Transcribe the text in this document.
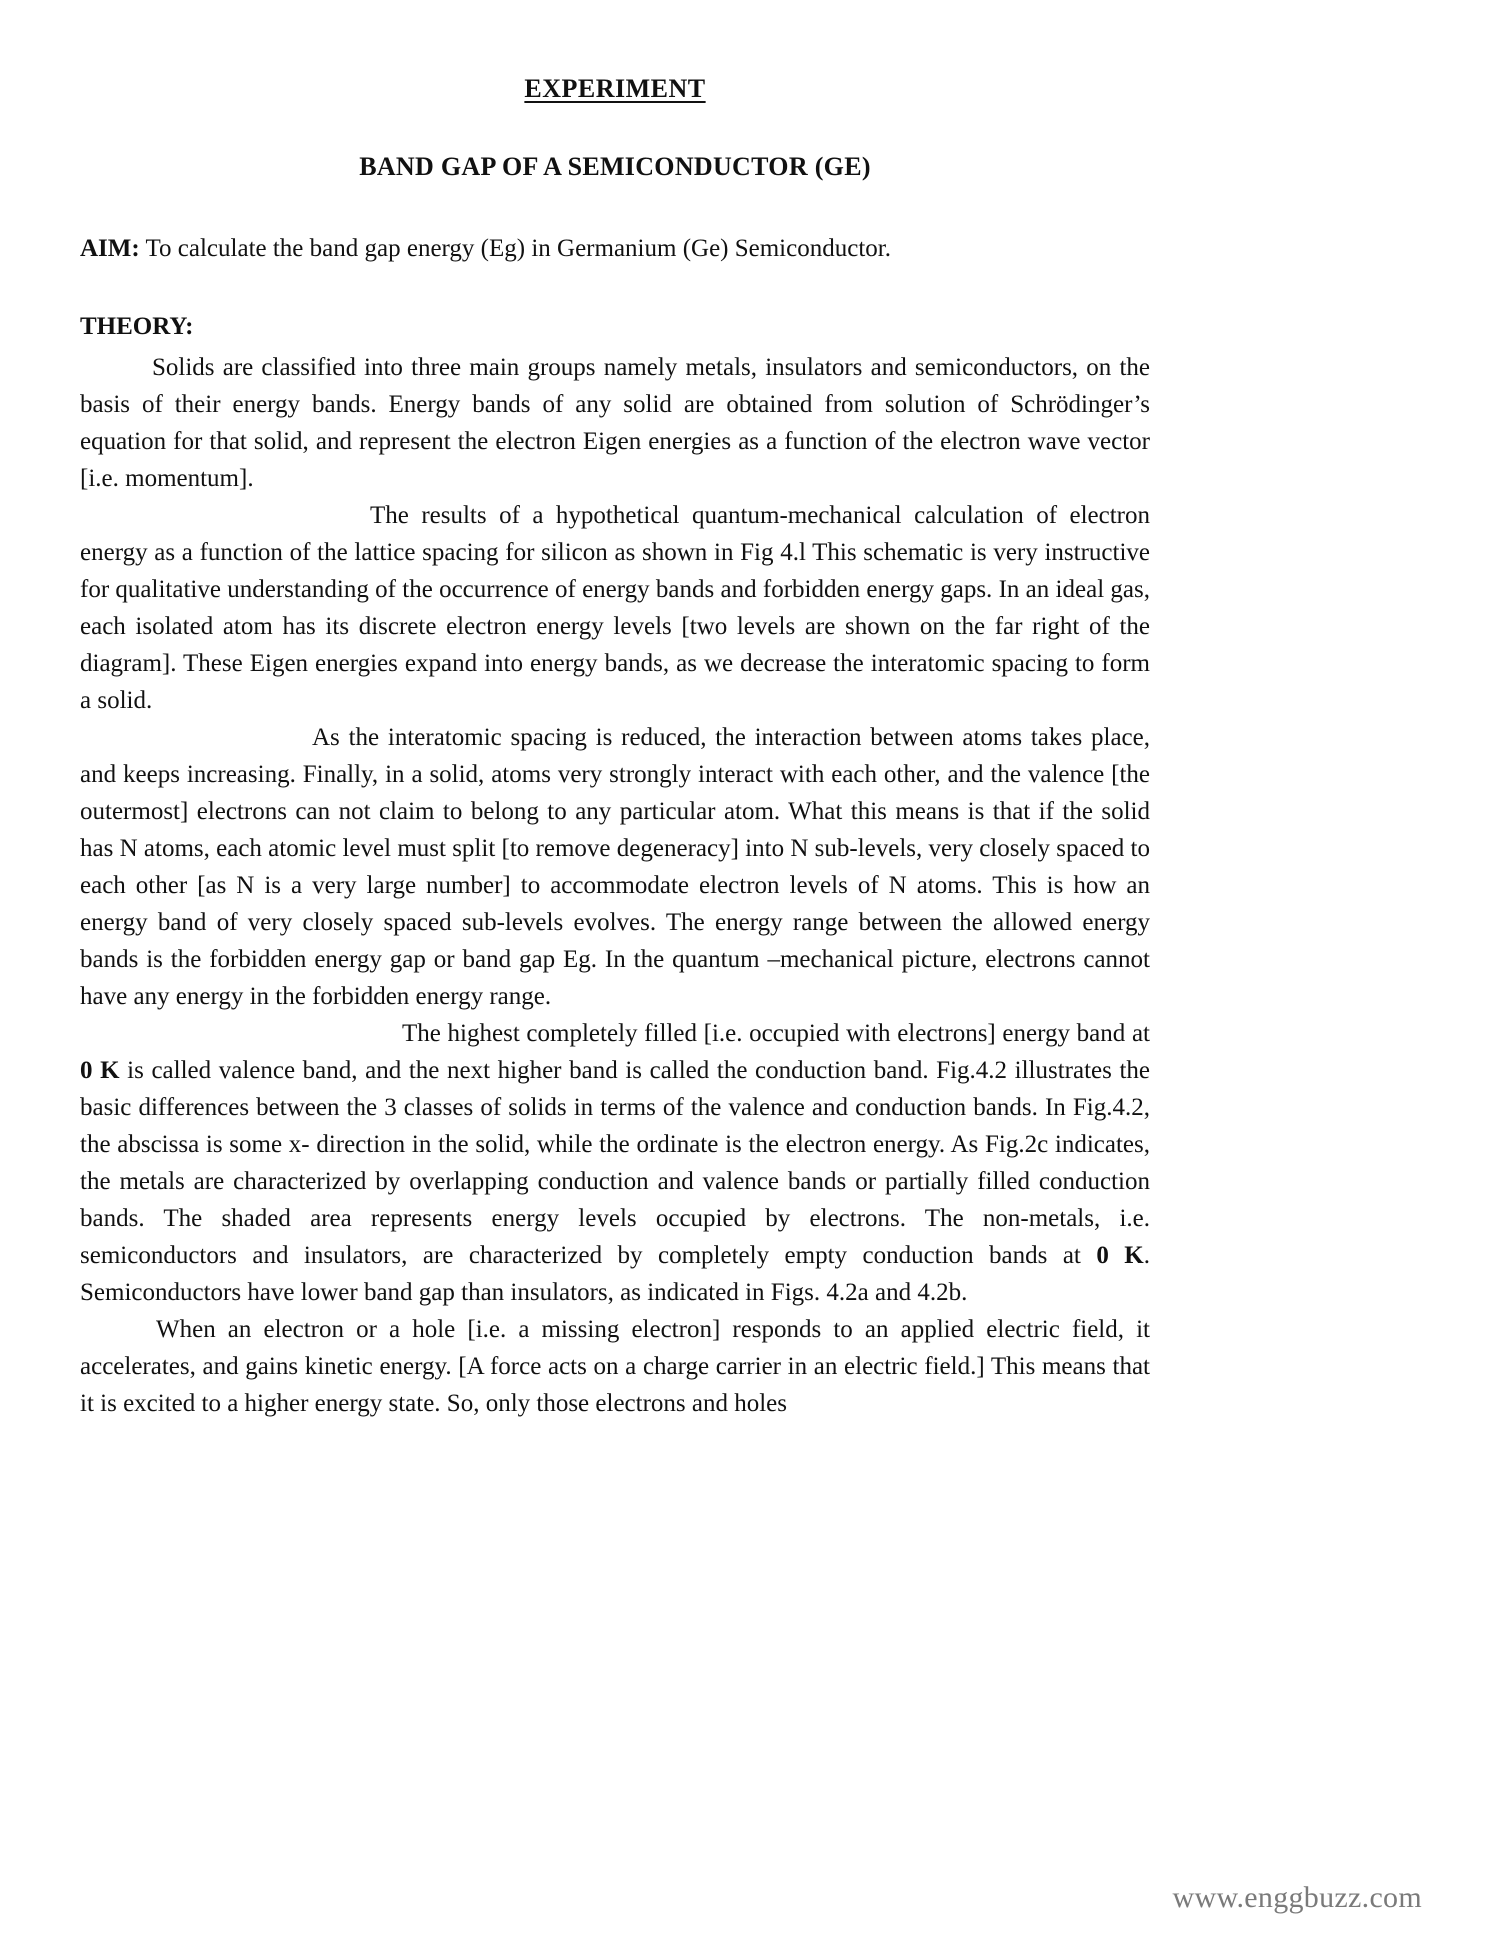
EXPERIMENT
BAND GAP OF A SEMICONDUCTOR (GE)
AIM: To calculate the band gap energy (Eg) in Germanium (Ge) Semiconductor.
THEORY:

Solids are classified into three main groups namely metals, insulators and semiconductors, on the basis of their energy bands. Energy bands of any solid are obtained from solution of Schrödinger’s equation for that solid, and represent the electron Eigen energies as a function of the electron wave vector [i.e. momentum].

The results of a hypothetical quantum-mechanical calculation of electron energy as a function of the lattice spacing for silicon as shown in Fig 4.l This schematic is very instructive for qualitative understanding of the occurrence of energy bands and forbidden energy gaps. In an ideal gas, each isolated atom has its discrete electron energy levels [two levels are shown on the far right of the diagram]. These Eigen energies expand into energy bands, as we decrease the interatomic spacing to form a solid.

As the interatomic spacing is reduced, the interaction between atoms takes place, and keeps increasing. Finally, in a solid, atoms very strongly interact with each other, and the valence [the outermost] electrons can not claim to belong to any particular atom. What this means is that if the solid has N atoms, each atomic level must split [to remove degeneracy] into N sub-levels, very closely spaced to each other [as N is a very large number] to accommodate electron levels of N atoms. This is how an energy band of very closely spaced sub-levels evolves. The energy range between the allowed energy bands is the forbidden energy gap or band gap Eg. In the quantum –mechanical picture, electrons cannot have any energy in the forbidden energy range.

The highest completely filled [i.e. occupied with electrons] energy band at 0 K is called valence band, and the next higher band is called the conduction band. Fig.4.2 illustrates the basic differences between the 3 classes of solids in terms of the valence and conduction bands. In Fig.4.2, the abscissa is some x- direction in the solid, while the ordinate is the electron energy. As Fig.2c indicates, the metals are characterized by overlapping conduction and valence bands or partially filled conduction bands. The shaded area represents energy levels occupied by electrons. The non-metals, i.e. semiconductors and insulators, are characterized by completely empty conduction bands at 0 K. Semiconductors have lower band gap than insulators, as indicated in Figs. 4.2a and 4.2b.

When an electron or a hole [i.e. a missing electron] responds to an applied electric field, it accelerates, and gains kinetic energy. [A force acts on a charge carrier in an electric field.] This means that it is excited to a higher energy state. So, only those electrons and holes

www.enggbuzz.com
